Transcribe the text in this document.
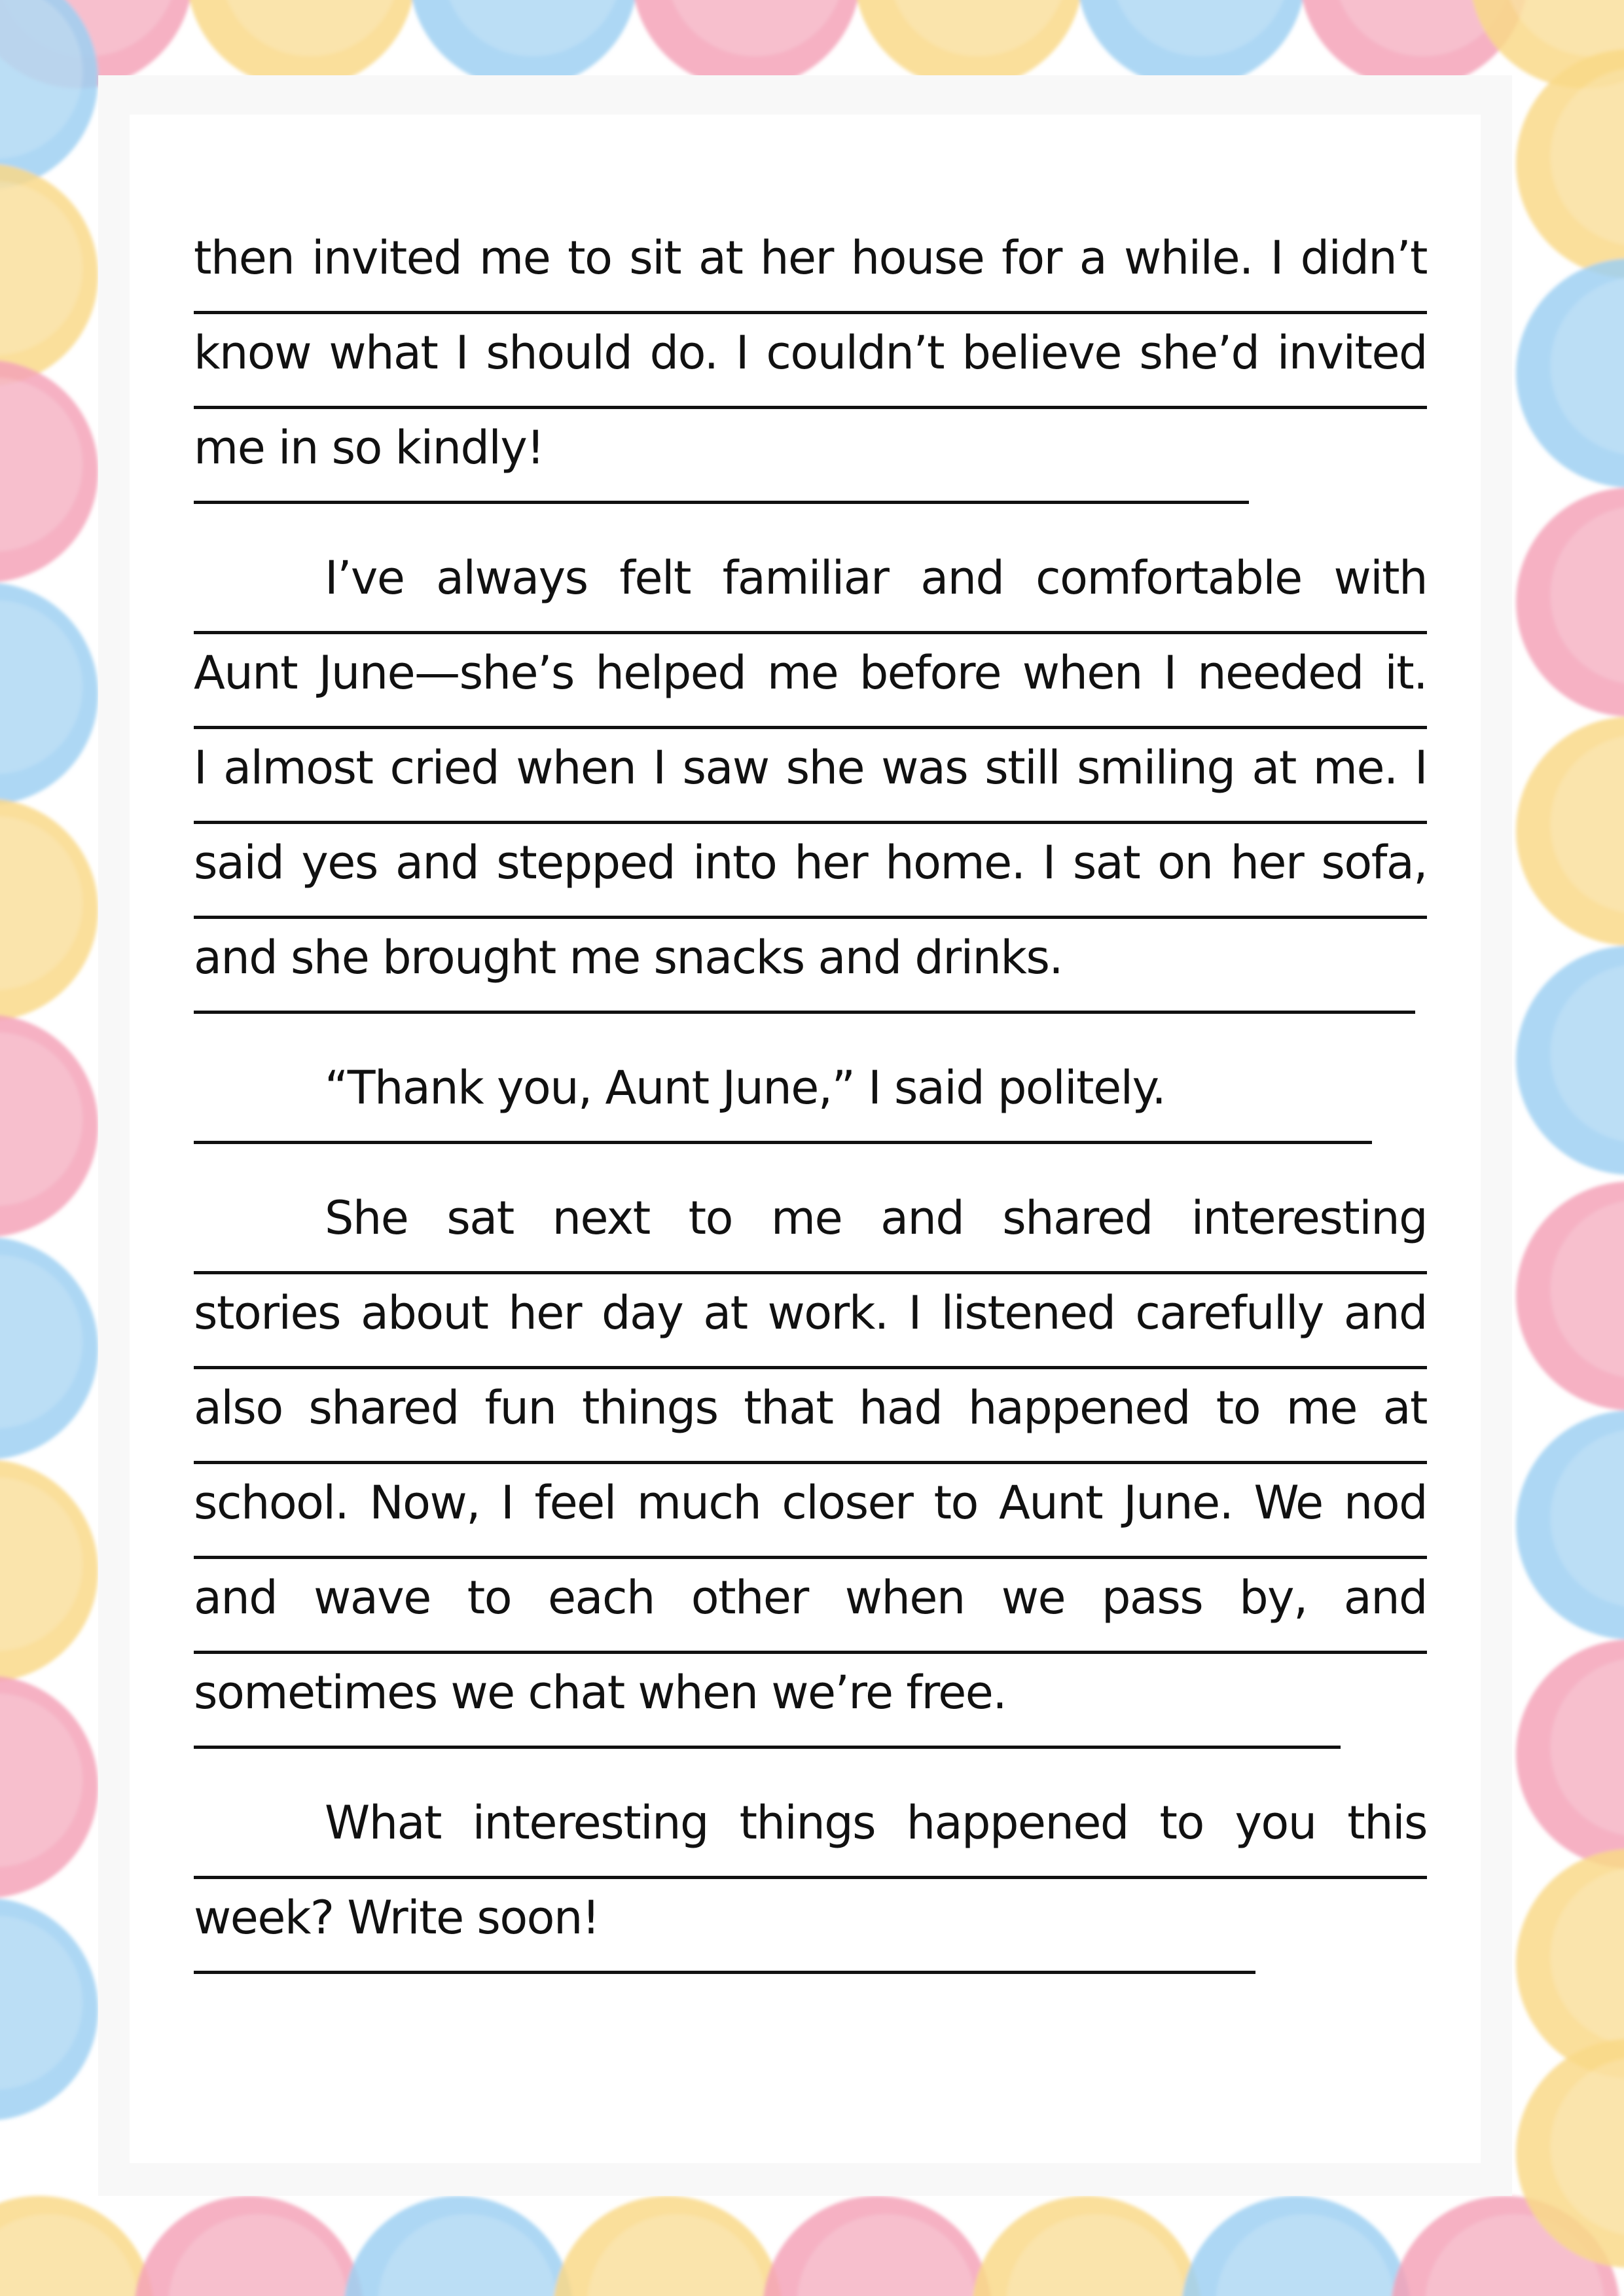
then invited me to sit at her house for a while. I didn’t
know what I should do. I couldn’t believe she’d invited
me in so kindly!
I’ve always felt familiar and comfortable with
Aunt June—she’s helped me before when I needed it.
I almost cried when I saw she was still smiling at me. I
said yes and stepped into her home. I sat on her sofa,
and she brought me snacks and drinks.
“Thank you, Aunt June,” I said politely.
She sat next to me and shared interesting
stories about her day at work. I listened carefully and
also shared fun things that had happened to me at
school. Now, I feel much closer to Aunt June. We nod
and wave to each other when we pass by, and
sometimes we chat when we’re free.
What interesting things happened to you this
week? Write soon!
